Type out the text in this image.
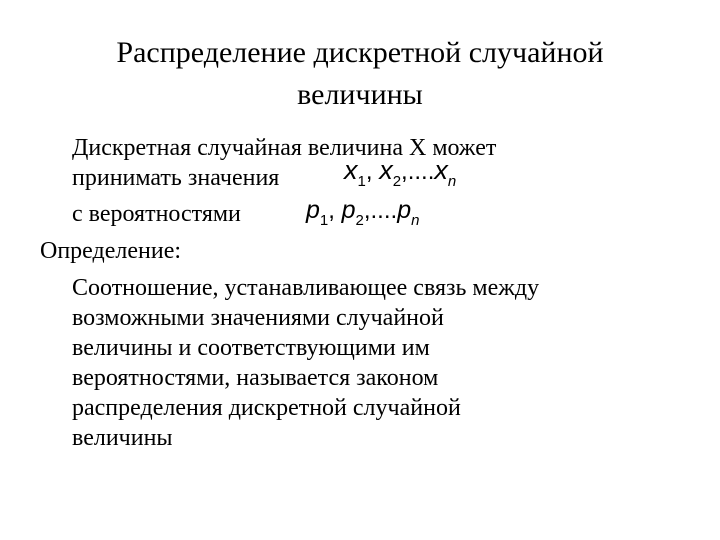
Распределение дискретной случайной
величины
Дискретная случайная величина Х может
принимать значения
с вероятностями
x1, x2,....xn
p1, p2,....pn
Определение:
Соотношение, устанавливающее связь между
возможными значениями случайной
величины и соответствующими им
вероятностями, называется законом
распределения дискретной случайной
величины
